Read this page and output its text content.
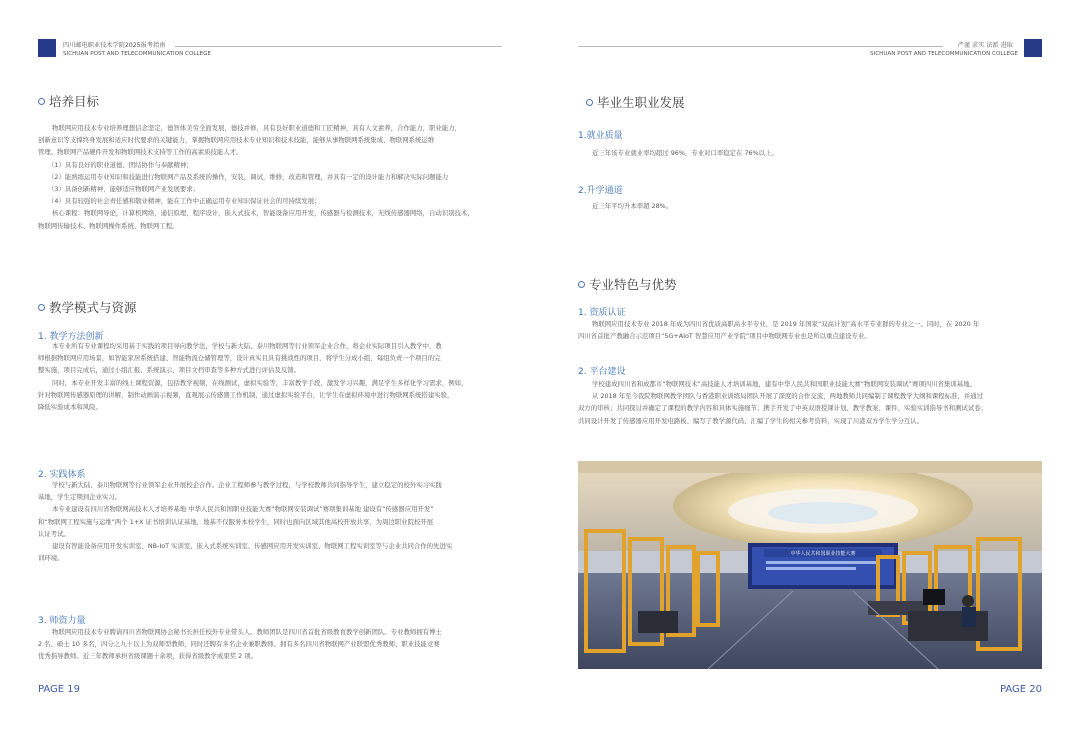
四川邮电职业技术学院2025报考指南
SICHUAN POST AND TELECOMMUNICATION COLLEGE
培养目标

物联网应用技术专业培养理想信念坚定，德智体美劳全面发展，德技并修，具有良好职业道德和工匠精神，具有人文素养，合作能力，职业能力，

创新意识等支撑终身发展和适应时代要求的关键能力，掌握物联网应用技术专业知识和技术技能，能够从事物联网系统集成、物联网系统运维

管理、物联网产品硬件开发和物联网技术支持等工作的高素质技能人才。

（1）具有良好的职业道德、团结协作与奉献精神；

（2）能熟练运用专业知识和技能进行物联网产品及系统的操作，安装，调试，维修，改造和管理，并具有一定的设计能力和解决实际问题能力

（3）具备创新精神，能够适应物联网产业发展要求；

（4）具有较强的社会责任感和敬业精神，能在工作中正确运用专业知识保证社会的可持续发展；

核心课程：物联网导论，计算机网络，通信原理，程序设计，嵌入式技术，智能设备应用开发，传感器与检测技术，无线传感器网络，自动识别技术，

物联网传输技术、物联网操作系统、物联网工程。

教学模式与资源
1. 教学方法创新

本专业所有专业课程均采用基于实践的项目导向教学法，学校与新大陆、泰川物联网等行业领军企业合作，将企业实际项目引入教学中，教

师根据物联网应用场景，如智能家居系统搭建、智能物流仓储管理等，设计真实且具有挑战性的项目，将学生分成小组，每组负责一个项目的完

整实施，项目完成后，通过小组汇报、系统演示、项目文档审查等多种方式进行评估及反馈。

同时，本专业开发丰富的线上课程资源，包括教学视频，在线测试，虚拟实验等，丰富教学手段，激发学习兴趣，满足学生多样化学习需求，例如，

针对物联网传感器原理的讲解，制作动画演示视频，直观展示传感器工作机制，通过虚拟实验平台，让学生在虚拟环境中进行物联网系统搭建实验，

降低实验成本和风险。

2. 实践体系

学校与新大陆、泰川物联网等行业领军企业开展校企合作。企业工程师参与教学过程，与学校教师共同指导学生，建立稳定的校外实习实践

基地，学生定期到企业实习。

本专业建设有四川省物联网高技术人才培养基地 中华人民共和国职业技能大赛“物联网安装调试”赛项集训基地 建设有“传感器应用开发”

和“物联网工程实施与运维”两个 1+X 证书培训认证基地，地基不仅服务本校学生，同时也面向区域其他高校开放共享，为周边职业院校开展

认证考试。

建设有智能设备应用开发实训室、NB-IoT 实训室、嵌入式系统实训室、传感网应用开发实训室、物联网工程实训室等与企业共同合作的先进实

训环境。

3. 师资力量

物联网应用技术专业聘请四川省物联网协会秘书长担任校外专业带头人。教师团队是四川省首批省级教育教学创新团队。专业教师拥有博士

2 名、硕士 10 多名，四分之九十以上为双师型教师，同时还聘有多名企业兼职教师。拥有多名四川省物联网产业联盟优秀教师、职业技能竞赛

优秀指导教师。近三年教师承担省级课题十余项，获得省级教学成果奖 2 项。

PAGE 19
严谨 求实 法派 进取
SICHUAN POST AND TELECOMMUNICATION COLLEGE
毕业生职业发展
1.就业质量
近三年该专业就业率均超过 96%，专业对口率稳定在 76%以上。
2.升学通道
近三年平均升本率超 28%。
专业特色与优势
1. 资质认证

物联网应用技术专业 2018 年成为四川省优质高职高水平专业，是 2019 年国家“双高计划”高水平专业群的专业之一。同时，在 2020 年

四川省首批产教融合示范项目“5G+AIoT 智慧应用产业学院”项目中物联网专业也是所以重点建设专业。

2. 平台建设

学校建成四川省和成都市“物联网技术”高技能人才培训基地，建有中华人民共和国职业技能大赛“物联网安装调试”赛项四川省集训基地。

从 2018 年至今我院物联网教学团队与香港职业训练局团队开展了深度的合作交流，两地教师共同编制了课程教学大纲和课程标准，并通过

双方的审核；共同探讨并确定了课程的教学内容和具体实施细节；携手开发了中英双语授课计划、教学教案、课件、实验实训指导书和测试试卷；

共同设计开发了传感器应用开发电路板、编写了教学源代码、汇编了学生的相关参考资料，实现了川港双方学生学分互认。

中华人民共和国职业技能大赛
PAGE 20
